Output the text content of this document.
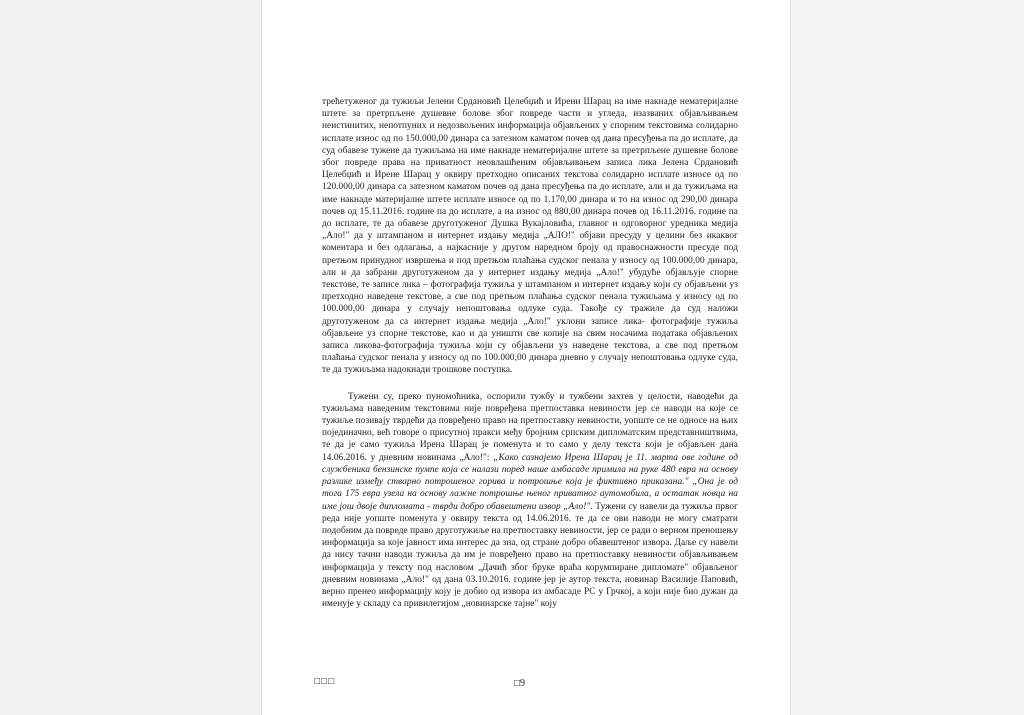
трећетуженог да тужиљи Јелени Срдановић Целебџић и Ирени Шарац на име накнаде нематеријалне штете за претрпљене душевне болове због повреде части и угледа, изазваних објављивањем неистинитих, непотпуних и недозвољених информација објављених у спорним текстовима солидарно исплате износ од по 150.000,00 динара са затезном каматом почев од дана пресуђења па до исплате, да суд обавезе тужене да тужиљама на име накнаде нематеријалне штете за претрпљене душевне болове због повреде права на приватност неовлашћеним објављивањем записа лика Јелена Срдановић Целебџић и Ирене Шарац у оквиру претходно описаних текстова солидарно исплате износе од по 120.000,00 динара са затезном каматом почев од дана пресуђења па до исплате, али и да тужиљама на име накнаде материјалне штете исплате износе од по 1.170,00 динара и то на износ од 290,00 динара почев од 15.11.2016. године па до исплате, а на износ од 880,00 динара почев од 16.11.2016. године па до исплате, те да обавезе друготуженог Душка Вукајловића, главног и одговорног уредника медија „Ало!" да у штампаном и интернет издању медија „АЛО!" објави пресуду у целини без икаквог коментара и без одлагања, а најкасније у другом наредном броју од правоснажности пресуде под претњом принудног извршења и под претњом плаћања судског пенала у износу од 100.000,00 динара, али и да забрани друготуженом да у интернет издању медија „Ало!" убудуће објављује спорне текстове, те записе лика – фотографија тужиља у штампаном и интернет издању који су објављени уз претходно наведене текстове, а све под претњом плаћања судског пенала тужиљама у износу од по 100.000,00 динара у случају непоштовања одлуке суда. Такође су тражиле да суд наложи друготуженом да са интернет издања медија „Ало!" уклони записе лика- фотографије тужиља објављене уз спорне текстове, као и да уништи све копије на свим носачима података објављених записа ликова-фотографија тужиља који су објављени уз наведене текстова, а све под претњом плаћања судског пенала у износу од по 100.000,00 динара дневно у случају непоштовања одлуке суда, те да тужиљама надокнади трошкове поступка.

Тужени су, преко пуномоћника, оспорили тужбу и тужбени захтев у целости, наводећи да тужиљама наведеним текстовима није повређена претпоставка невиности јер се наводи на које се тужиље позивају тврдећи да повређено право на претпоставку невиности, уопште се не односе на њих појединачно, већ говоре о присутној пракси међу бројним српским дипломатским представништвима, те да је само тужиља Ирена Шарац је поменута и то само у делу текста који је објављен дана 14.06.2016. у дневним новинама „Ало!": „Како сазнајемо Ирена Шарац је 11. марта ове године од службеника бензинске пумпе која се налази поред наше амбасаде примила на руке 480 евра на основу разлике између стварно потрошеног горива и потрошње која је фиктивно приказана." „Она је од тога 175 евра узела на основу лажне потрошње њеног приватног аутомобила, а остатак новца на име још двоје дипломата - тврди добро обавештени извор „Ало!". Тужени су навели да тужиља првог реда није уопште поменута у оквиру текста од 14.06.2016. те да се ови наводи не могу сматрати подобним да повреде право друготужиље на претпоставку невиности, јер се ради о верном преношењу информација за које јавност има интерес да зна, од стране добро обавештеног извора. Даље су навели да нису тачни наводи тужиља да им је повређено право на претпоставку невиности објављивањем информација у тексту под насловом „Дачић због бруке враћа корумпиране дипломате" објављеног дневним новинама „Ало!" од дана 03.10.2016. године јер је аутор текста, новинар Василије Паповић, верно пренео информацију коју је добио од извора из амбасаде РС у Грчкој, а који није био дужан да именује у складу са привилегијом „новинарске тајне" коју

□□□	□9
